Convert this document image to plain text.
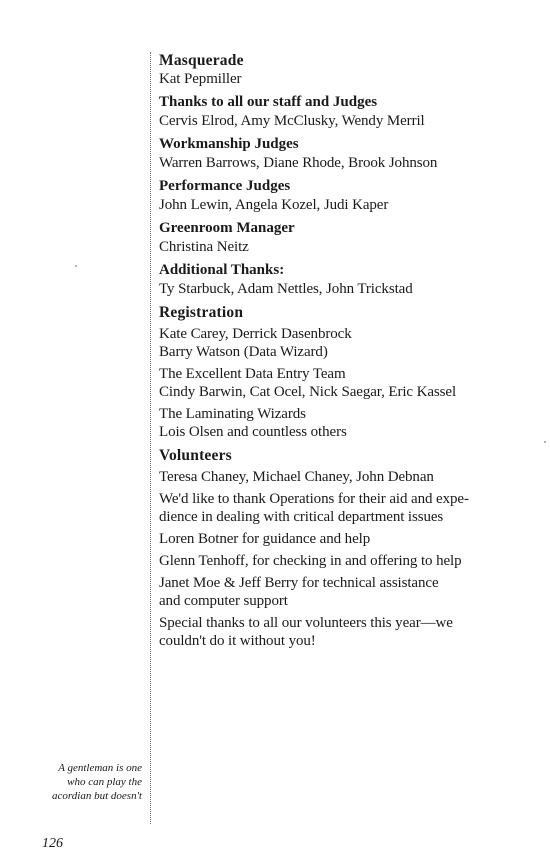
Masquerade

Kat Pepmiller

Thanks to all our staff and Judges

Cervis Elrod, Amy McClusky, Wendy Merril

Workmanship Judges

Warren Barrows, Diane Rhode, Brook Johnson

Performance Judges

John Lewin, Angela Kozel, Judi Kaper

Greenroom Manager

Christina Neitz

Additional Thanks:

Ty Starbuck, Adam Nettles, John Trickstad

Registration

Kate Carey, Derrick Dasenbrock

Barry Watson (Data Wizard)

The Excellent Data Entry Team

Cindy Barwin, Cat Ocel, Nick Saegar, Eric Kassel

The Laminating Wizards

Lois Olsen and countless others

Volunteers

Teresa Chaney, Michael Chaney, John Debnan

We'd like to thank Operations for their aid and expe-

dience in dealing with critical department issues

Loren Botner for guidance and help

Glenn Tenhoff, for checking in and offering to help

Janet Moe & Jeff Berry for technical assistance

and computer support

Special thanks to all our volunteers this year—we

couldn't do it without you!

A gentleman is one
who can play the
acordian but doesn't
126
